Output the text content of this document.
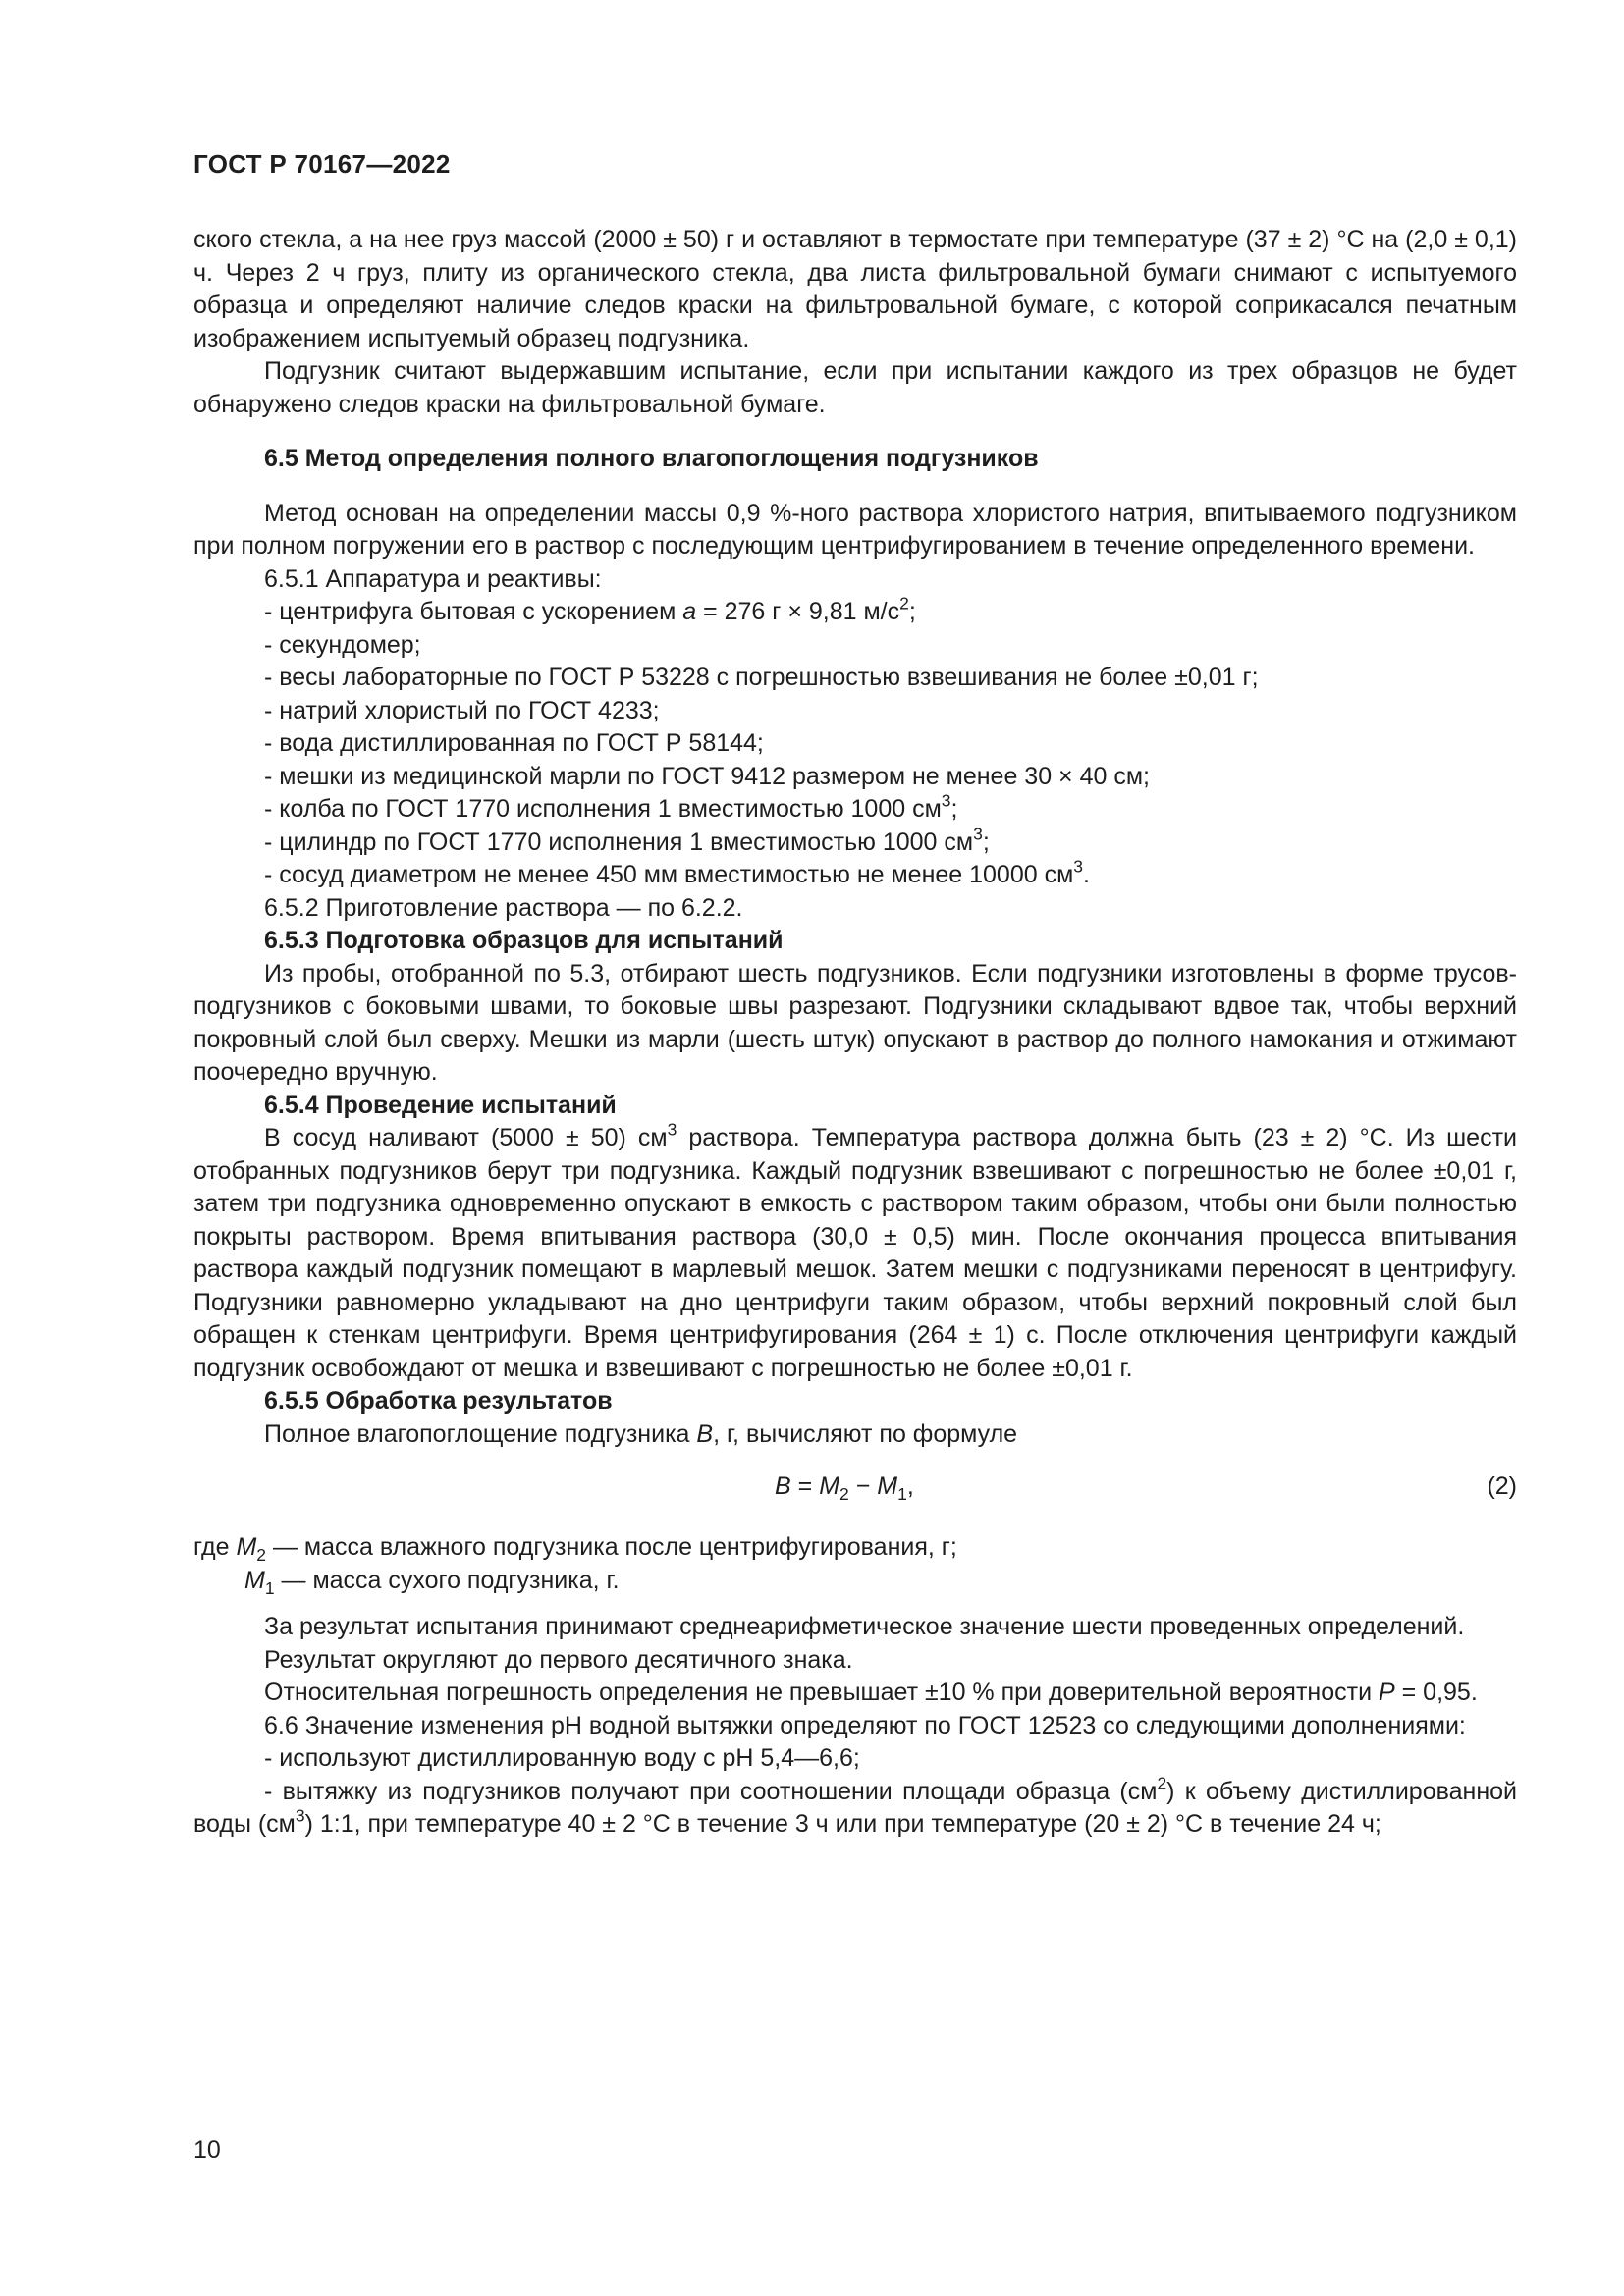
ГОСТ Р 70167—2022

ского стекла, а на нее груз массой (2000 ± 50) г и оставляют в термостате при температуре (37 ± 2) °C на (2,0 ± 0,1) ч. Через 2 ч груз, плиту из органического стекла, два листа фильтровальной бумаги снимают с испытуемого образца и определяют наличие следов краски на фильтровальной бумаге, с которой соприкасался печатным изображением испытуемый образец подгузника.

Подгузник считают выдержавшим испытание, если при испытании каждого из трех образцов не будет обнаружено следов краски на фильтровальной бумаге.

6.5 Метод определения полного влагопоглощения подгузников

Метод основан на определении массы 0,9 %-ного раствора хлористого натрия, впитываемого подгузником при полном погружении его в раствор с последующим центрифугированием в течение определенного времени.

6.5.1 Аппаратура и реактивы:

- центрифуга бытовая с ускорением a = 276 г × 9,81 $м/с^2$;

- секундомер;

- весы лабораторные по ГОСТ Р 53228 с погрешностью взвешивания не более ±0,01 г;

- натрий хлористый по ГОСТ 4233;

- вода дистиллированная по ГОСТ Р 58144;

- мешки из медицинской марли по ГОСТ 9412 размером не менее 30 × 40 см;

- колба по ГОСТ 1770 исполнения 1 вместимостью 1000 $см^3$;

- цилиндр по ГОСТ 1770 исполнения 1 вместимостью 1000 $см^3$;

- сосуд диаметром не менее 450 мм вместимостью не менее 10000 $см^3$.

6.5.2 Приготовление раствора — по 6.2.2.

6.5.3 Подготовка образцов для испытаний

Из пробы, отобранной по 5.3, отбирают шесть подгузников. Если подгузники изготовлены в форме трусов-подгузников с боковыми швами, то боковые швы разрезают. Подгузники складывают вдвое так, чтобы верхний покровный слой был сверху. Мешки из марли (шесть штук) опускают в раствор до полного намокания и отжимают поочередно вручную.

6.5.4 Проведение испытаний

В сосуд наливают (5000 ± 50) $см^3$ раствора. Температура раствора должна быть (23 ± 2) °C. Из шести отобранных подгузников берут три подгузника. Каждый подгузник взвешивают с погрешностью не более ±0,01 г, затем три подгузника одновременно опускают в емкость с раствором таким образом, чтобы они были полностью покрыты раствором. Время впитывания раствора (30,0 ± 0,5) мин. После окончания процесса впитывания раствора каждый подгузник помещают в марлевый мешок. Затем мешки с подгузниками переносят в центрифугу. Подгузники равномерно укладывают на дно центрифуги таким образом, чтобы верхний покровный слой был обращен к стенкам центрифуги. Время центрифугирования (264 ± 1) с. После отключения центрифуги каждый подгузник освобождают от мешка и взвешивают с погрешностью не более ±0,01 г.

6.5.5 Обработка результатов

Полное влагопоглощение подгузника B, г, вычисляют по формуле

$B = M_2 - M_1$,	(2)

где $M_2$ — масса влажного подгузника после центрифугирования, г;

$M_1$ — масса сухого подгузника, г.

За результат испытания принимают среднеарифметическое значение шести проведенных определений.

Результат округляют до первого десятичного знака.

Относительная погрешность определения не превышает ±10 % при доверительной вероятности P = 0,95.

6.6 Значение изменения pH водной вытяжки определяют по ГОСТ 12523 со следующими дополнениями:

- используют дистиллированную воду с pH 5,4—6,6;

- вытяжку из подгузников получают при соотношении площади образца $(см^2)$ к объему дистиллированной воды $(см^3)$ 1:1, при температуре 40 ± 2 °C в течение 3 ч или при температуре (20 ± 2) °C в течение 24 ч;

10
